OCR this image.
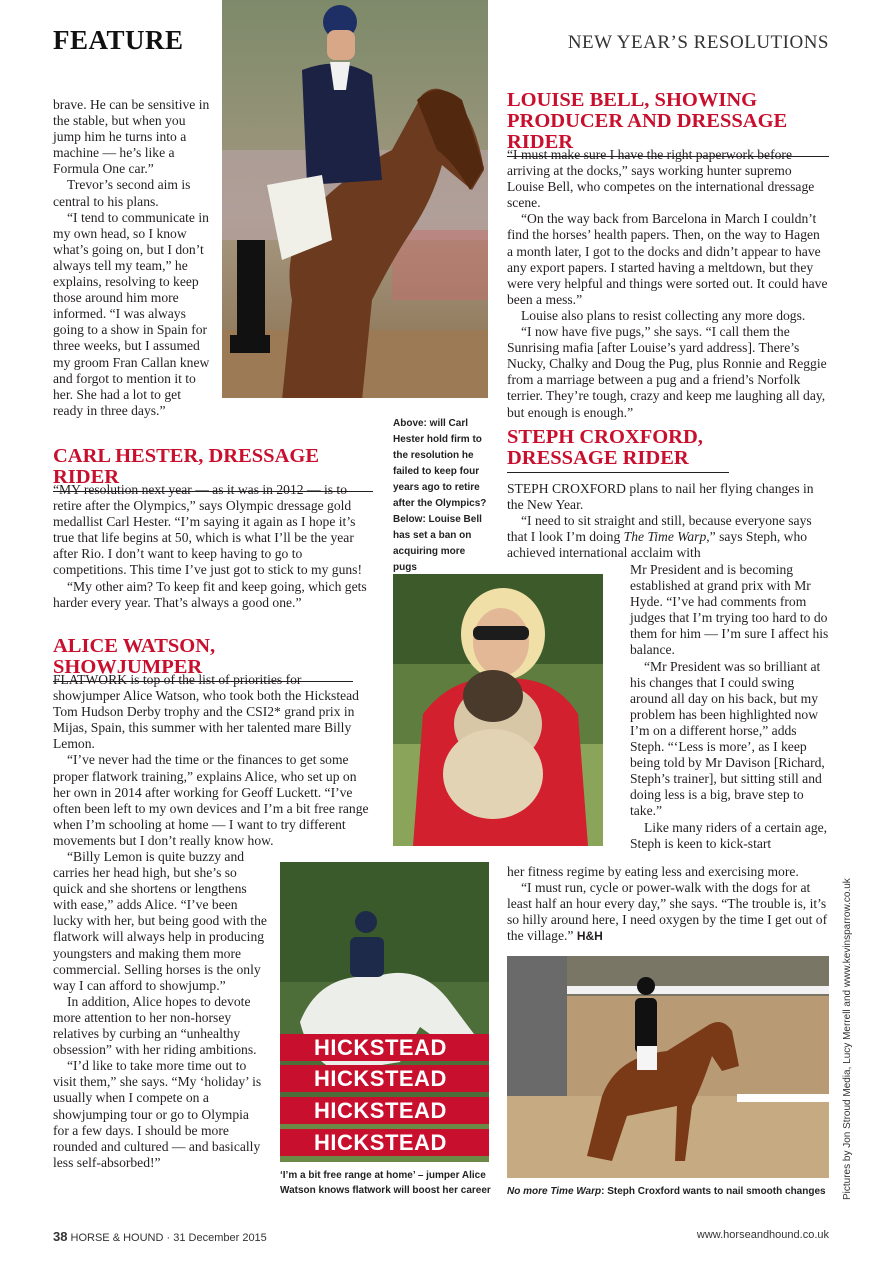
FEATURE	NEW YEAR’S RESOLUTIONS

brave. He can be sensitive in the stable, but when you jump him he turns into a machine — he’s like a Formula One car.”

Trevor’s second aim is central to his plans.

“I tend to communicate in my own head, so I know what’s going on, but I don’t always tell my team,” he explains, resolving to keep those around him more informed. “I was always going to a show in Spain for three weeks, but I assumed my groom Fran Callan knew and forgot to mention it to her. She had a lot to get ready in three days.”

CARL HESTER, DRESSAGE RIDER

“MY resolution next year — as it was in 2012 — is to retire after the Olympics,” says Olympic dressage gold medallist Carl Hester. “I’m saying it again as I hope it’s true that life begins at 50, which is what I’ll be the year after Rio. I don’t want to keep having to go to competitions. This time I’ve just got to stick to my guns!

“My other aim? To keep fit and keep going, which gets harder every year. That’s always a good one.”

Above: will Carl Hester hold firm to the resolution he failed to keep four years ago to retire after the Olympics? Below: Louise Bell has set a ban on acquiring more pugs
ALICE WATSON, SHOWJUMPER

FLATWORK is top of the list of priorities for showjumper Alice Watson, who took both the Hickstead Tom Hudson Derby trophy and the CSI2* grand prix in Mijas, Spain, this summer with her talented mare Billy Lemon.

“I’ve never had the time or the finances to get some proper flatwork training,” explains Alice, who set up on her own in 2014 after working for Geoff Luckett. “I’ve often been left to my own devices and I’m a bit free range when I’m schooling at home — I want to try different movements but I don’t really know how.

“Billy Lemon is quite buzzy and carries her head high, but she’s so quick and she shortens or lengthens with ease,” adds Alice. “I’ve been lucky with her, but being good with the flatwork will always help in producing youngsters and making them more commercial. Selling horses is the only way I can afford to showjump.”

In addition, Alice hopes to devote more attention to her non-horsey relatives by curbing an “unhealthy obsession” with her riding ambitions.

“I’d like to take more time out to visit them,” she says. “My ‘holiday’ is usually when I compete on a showjumping tour or go to Olympia for a few days. I should be more rounded and cultured — and basically less self-absorbed!”

HICKSTEAD
HICKSTEAD
HICKSTEAD
HICKSTEAD
‘I’m a bit free range at home’ – jumper Alice Watson knows flatwork will boost her career
LOUISE BELL, SHOWING PRODUCER AND DRESSAGE RIDER

“I must make sure I have the right paperwork before arriving at the docks,” says working hunter supremo Louise Bell, who competes on the international dressage scene.

“On the way back from Barcelona in March I couldn’t find the horses’ health papers. Then, on the way to Hagen a month later, I got to the docks and didn’t appear to have any export papers. I started having a meltdown, but they were very helpful and things were sorted out. It could have been a mess.”

Louise also plans to resist collecting any more dogs.

“I now have five pugs,” she says. “I call them the Sunrising mafia [after Louise’s yard address]. There’s Nucky, Chalky and Doug the Pug, plus Ronnie and Reggie from a marriage between a pug and a friend’s Norfolk terrier. They’re tough, crazy and keep me laughing all day, but enough is enough.”

STEPH CROXFORD, DRESSAGE RIDER

STEPH CROXFORD plans to nail her flying changes in the New Year.

“I need to sit straight and still, because everyone says that I look I’m doing The Time Warp,” says Steph, who achieved international acclaim with

Mr President and is becoming established at grand prix with Mr Hyde. “I’ve had comments from judges that I’m trying too hard to do them for him — I’m sure I affect his balance.

“Mr President was so brilliant at his changes that I could swing around all day on his back, but my problem has been highlighted now I’m on a different horse,” adds Steph. “‘Less is more’, as I keep being told by Mr Davison [Richard, Steph’s trainer], but sitting still and doing less is a big, brave step to take.”

Like many riders of a certain age, Steph is keen to kick-start

her fitness regime by eating less and exercising more.

“I must run, cycle or power-walk with the dogs for at least half an hour every day,” she says. “The trouble is, it’s so hilly around here, I need oxygen by the time I get out of the village.” H&H

No more Time Warp: Steph Croxford wants to nail smooth changes	Pictures by Jon Stroud Media, Lucy Merrell and www.kevinsparrow.co.uk
38 HORSE & HOUND · 31 December 2015	www.horseandhound.co.uk
